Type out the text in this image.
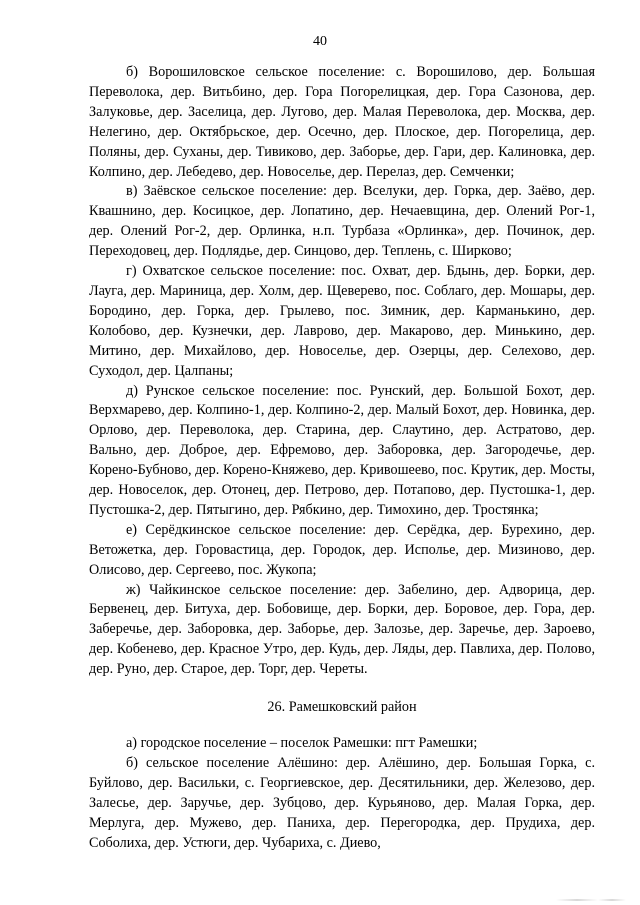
40

б) Ворошиловское сельское поселение: с. Ворошилово, дер. Большая Переволока, дер. Витьбино, дер. Гора Погорелицкая, дер. Гора Сазонова, дер. Залуковье, дер. Заселица, дер. Лугово, дер. Малая Переволока, дер. Москва, дер. Нелегино, дер. Октябрьское, дер. Осечно, дер. Плоское, дер. Погорелица, дер. Поляны, дер. Суханы, дер. Тивиково, дер. Заборье, дер. Гари, дер. Калиновка, дер. Колпино, дер. Лебедево, дер. Новоселье, дер. Перелаз, дер. Семченки;

в) Заёвское сельское поселение: дер. Вселуки, дер. Горка, дер. Заёво, дер. Квашнино, дер. Косицкое, дер. Лопатино, дер. Нечаевщина, дер. Олений Рог-1, дер. Олений Рог-2, дер. Орлинка, н.п. Турбаза «Орлинка», дер. Починок, дер. Переходовец, дер. Подлядье, дер. Синцово, дер. Теплень, с. Ширково;

г) Охватское сельское поселение: пос. Охват, дер. Бдынь, дер. Борки, дер. Лауга, дер. Мариница, дер. Холм, дер. Щеверево, пос. Соблаго, дер. Мошары, дер. Бородино, дер. Горка, дер. Грылево, пос. Зимник, дер. Карманькино, дер. Колобово, дер. Кузнечки, дер. Лаврово, дер. Макарово, дер. Минькино, дер. Митино, дер. Михайлово, дер. Новоселье, дер. Озерцы, дер. Селехово, дер. Суходол, дер. Цалпаны;

д) Рунское сельское поселение: пос. Рунский, дер. Большой Бохот, дер. Верхмарево, дер. Колпино-1, дер. Колпино-2, дер. Малый Бохот, дер. Новинка, дер. Орлово, дер. Переволока, дер. Старина, дер. Слаутино, дер. Астратово, дер. Вально, дер. Доброе, дер. Ефремово, дер. Заборовка, дер. Загородечье, дер. Корено-Бубново, дер. Корено-Княжево, дер. Кривошеево, пос. Крутик, дер. Мосты, дер. Новоселок, дер. Отонец, дер. Петрово, дер. Потапово, дер. Пустошка-1, дер. Пустошка-2, дер. Пятыгино, дер. Рябкино, дер. Тимохино, дер. Тростянка;

е) Серёдкинское сельское поселение: дер. Серёдка, дер. Бурехино, дер. Ветожетка, дер. Горовастица, дер. Городок, дер. Исполье, дер. Мизиново, дер. Олисово, дер. Сергеево, пос. Жукопа;

ж) Чайкинское сельское поселение: дер. Забелино, дер. Адворица, дер. Бервенец, дер. Битуха, дер. Бобовище, дер. Борки, дер. Боровое, дер. Гора, дер. Заберечье, дер. Заборовка, дер. Заборье, дер. Залозье, дер. Заречье, дер. Зароево, дер. Кобенево, дер. Красное Утро, дер. Кудь, дер. Ляды, дер. Павлиха, дер. Полово, дер. Руно, дер. Старое, дер. Торг, дер. Череты.

26. Рамешковский район

а) городское поселение – поселок Рамешки: пгт Рамешки;

б) сельское поселение Алёшино: дер. Алёшино, дер. Большая Горка, с. Буйлово, дер. Васильки, с. Георгиевское, дер. Десятильники, дер. Железово, дер. Залесье, дер. Заручье, дер. Зубцово, дер. Курьяново, дер. Малая Горка, дер. Мерлуга, дер. Мужево, дер. Паниха, дер. Перегородка, дер. Прудиха, дер. Соболиха, дер. Устюги, дер. Чубариха, с. Диево,
